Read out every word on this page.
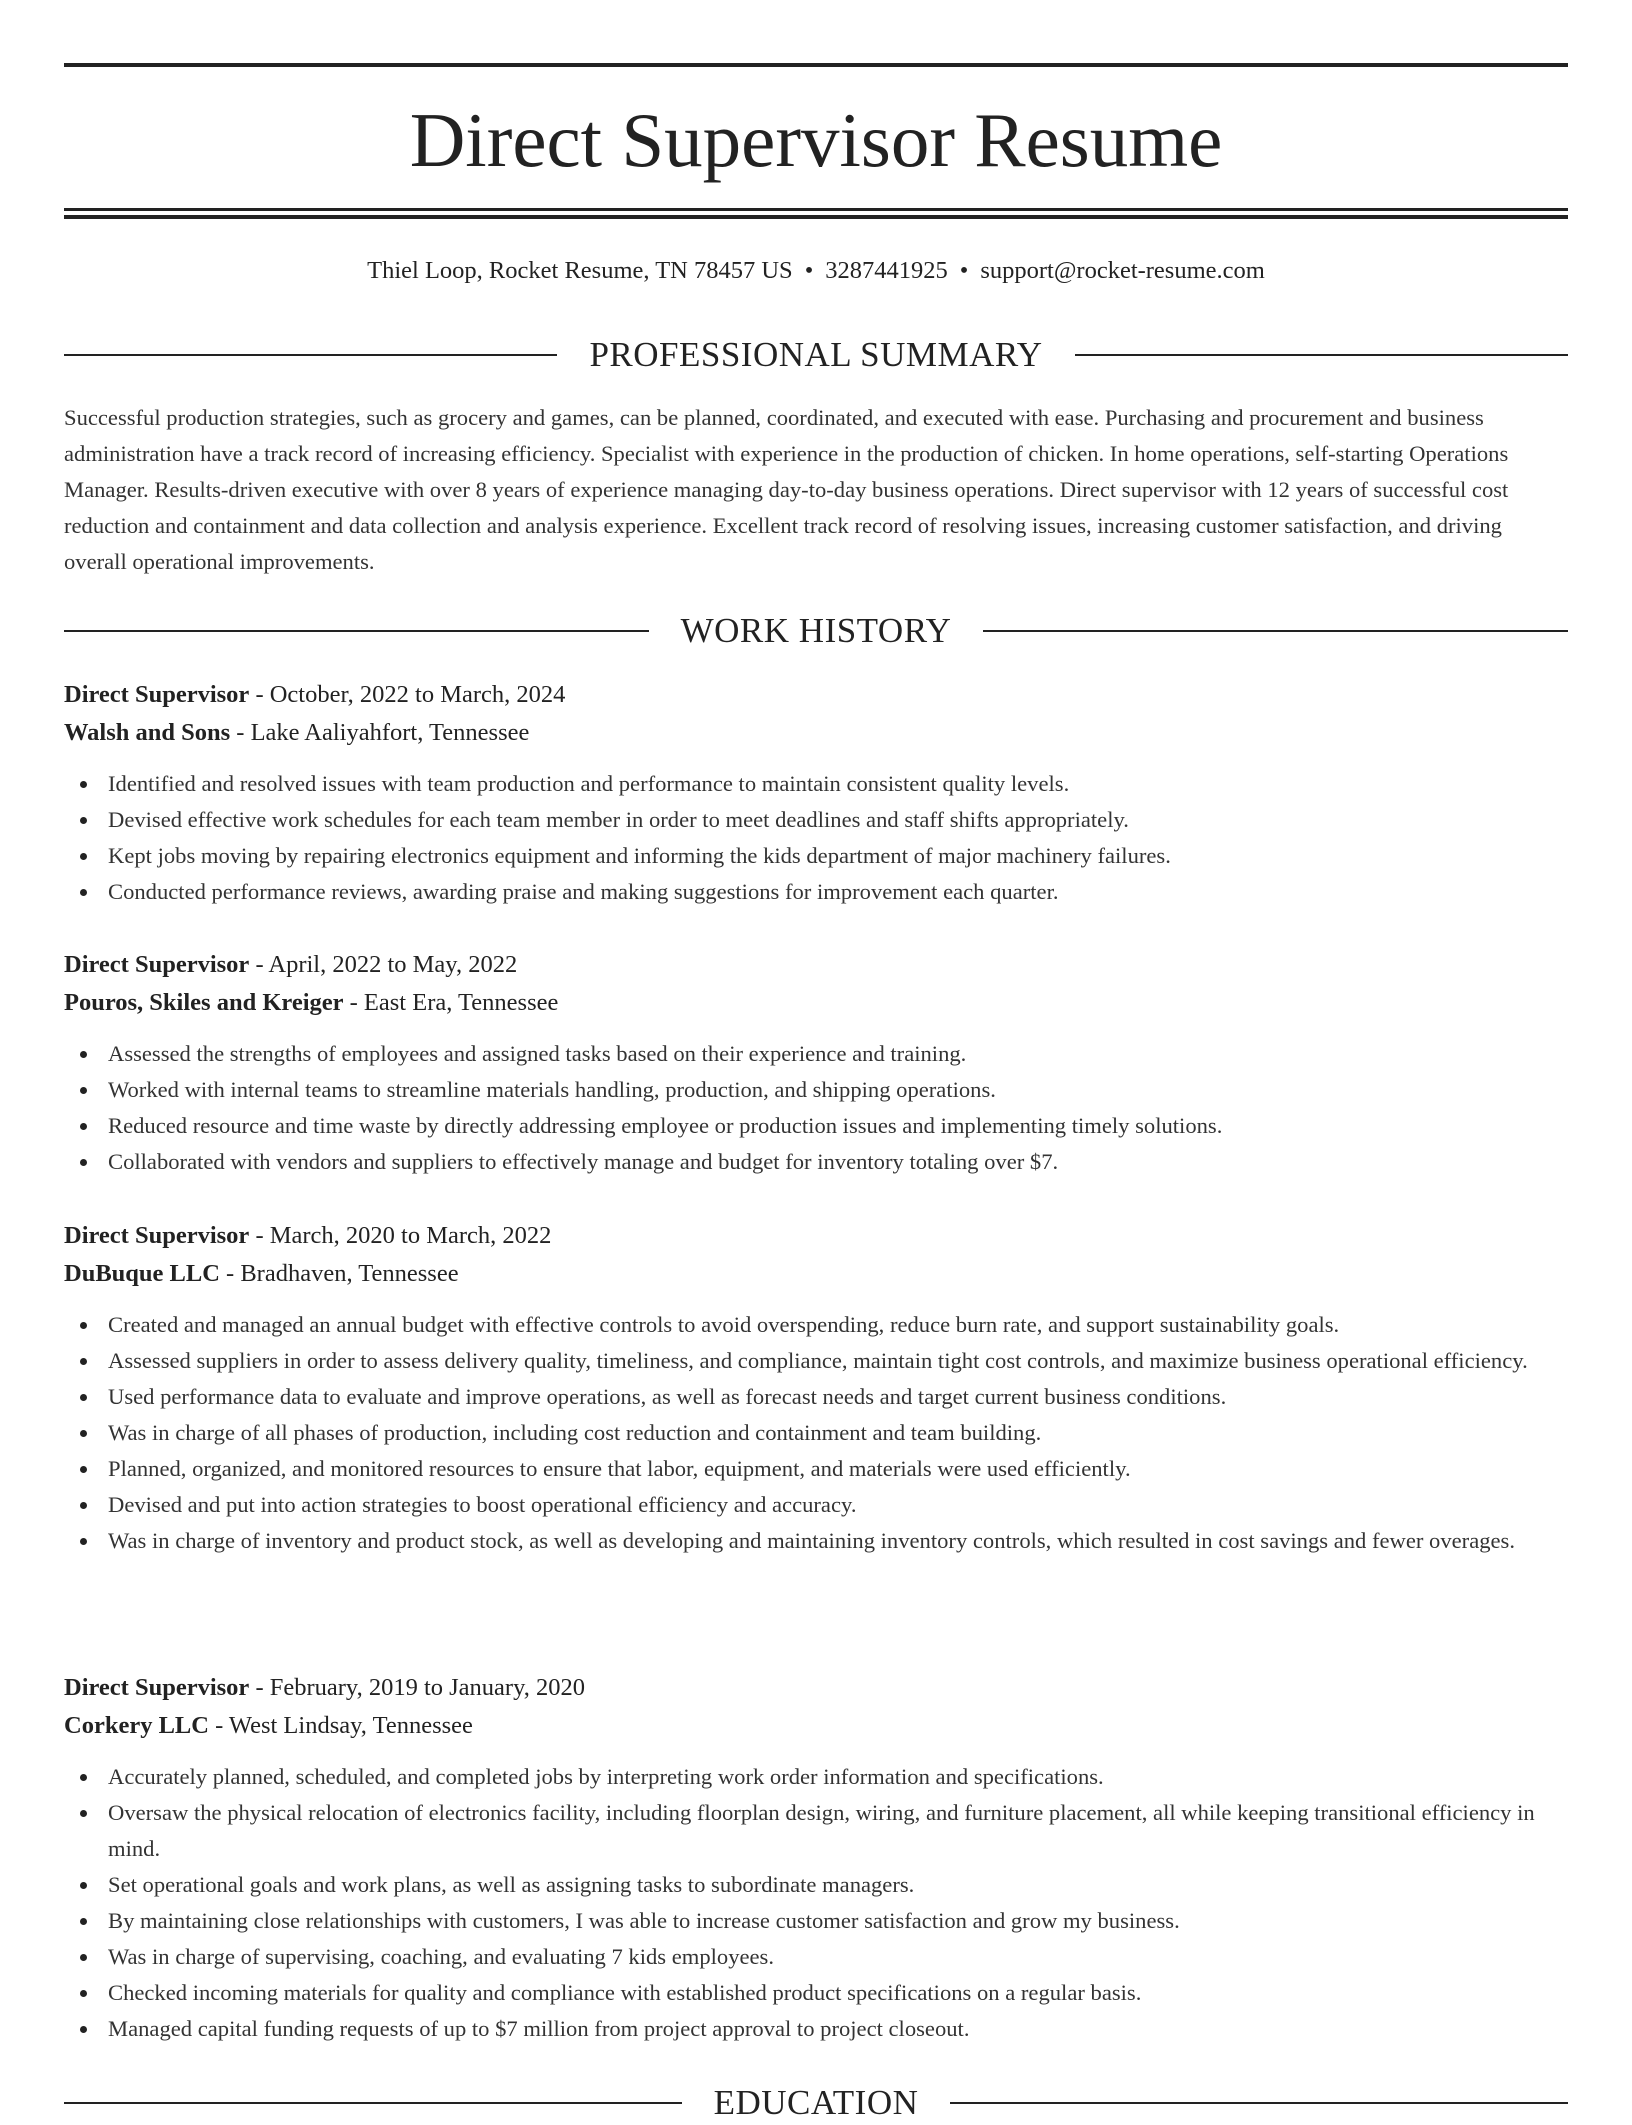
Direct Supervisor Resume
Thiel Loop, Rocket Resume, TN 78457 US • 3287441925 • support@rocket-resume.com
PROFESSIONAL SUMMARY

Successful production strategies, such as grocery and games, can be planned, coordinated, and executed with ease. Purchasing and procurement and business administration have a track record of increasing efficiency. Specialist with experience in the production of chicken. In home operations, self-starting Operations Manager. Results-driven executive with over 8 years of experience managing day-to-day business operations. Direct supervisor with 12 years of successful cost reduction and containment and data collection and analysis experience. Excellent track record of resolving issues, increasing customer satisfaction, and driving overall operational improvements.

WORK HISTORY
Direct Supervisor - October, 2022 to March, 2024
Walsh and Sons - Lake Aaliyahfort, Tennessee
Identified and resolved issues with team production and performance to maintain consistent quality levels.
Devised effective work schedules for each team member in order to meet deadlines and staff shifts appropriately.
Kept jobs moving by repairing electronics equipment and informing the kids department of major machinery failures.
Conducted performance reviews, awarding praise and making suggestions for improvement each quarter.
Direct Supervisor - April, 2022 to May, 2022
Pouros, Skiles and Kreiger - East Era, Tennessee
Assessed the strengths of employees and assigned tasks based on their experience and training.
Worked with internal teams to streamline materials handling, production, and shipping operations.
Reduced resource and time waste by directly addressing employee or production issues and implementing timely solutions.
Collaborated with vendors and suppliers to effectively manage and budget for inventory totaling over $7.
Direct Supervisor - March, 2020 to March, 2022
DuBuque LLC - Bradhaven, Tennessee
Created and managed an annual budget with effective controls to avoid overspending, reduce burn rate, and support sustainability goals.
Assessed suppliers in order to assess delivery quality, timeliness, and compliance, maintain tight cost controls, and maximize business operational efficiency.
Used performance data to evaluate and improve operations, as well as forecast needs and target current business conditions.
Was in charge of all phases of production, including cost reduction and containment and team building.
Planned, organized, and monitored resources to ensure that labor, equipment, and materials were used efficiently.
Devised and put into action strategies to boost operational efficiency and accuracy.
Was in charge of inventory and product stock, as well as developing and maintaining inventory controls, which resulted in cost savings and fewer overages.
Direct Supervisor - February, 2019 to January, 2020
Corkery LLC - West Lindsay, Tennessee
Accurately planned, scheduled, and completed jobs by interpreting work order information and specifications.
Oversaw the physical relocation of electronics facility, including floorplan design, wiring, and furniture placement, all while keeping transitional efficiency in mind.
Set operational goals and work plans, as well as assigning tasks to subordinate managers.
By maintaining close relationships with customers, I was able to increase customer satisfaction and grow my business.
Was in charge of supervising, coaching, and evaluating 7 kids employees.
Checked incoming materials for quality and compliance with established product specifications on a regular basis.
Managed capital funding requests of up to $7 million from project approval to project closeout.
EDUCATION
